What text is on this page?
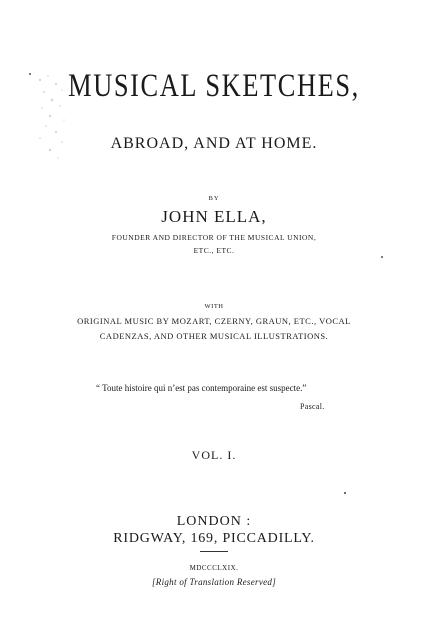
MUSICAL SKETCHES,
ABROAD, AND AT HOME.
BY
JOHN ELLA,
FOUNDER AND DIRECTOR OF THE MUSICAL UNION,
ETC., ETC.
WITH
ORIGINAL MUSIC BY MOZART, CZERNY, GRAUN, ETC., VOCAL
CADENZAS, AND OTHER MUSICAL ILLUSTRATIONS.
“ Toute histoire qui n’est pas contemporaine est suspecte.”
Pascal.
VOL. I.
LONDON :
RIDGWAY, 169, PICCADILLY.
MDCCCLXIX.
[Right of Translation Reserved]
